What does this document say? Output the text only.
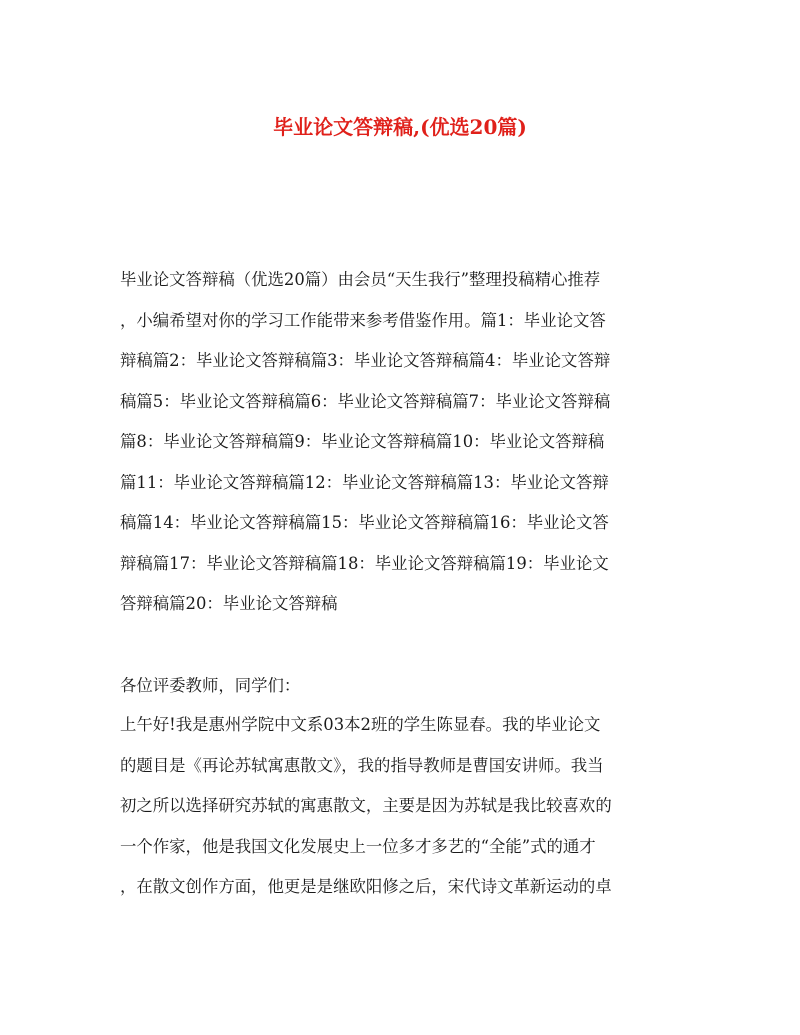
毕业论文答辩稿,(优选20篇)
毕业论文答辩稿（优选20篇）由会员“天生我行”整理投稿精心推荐
，小编希望对你的学习工作能带来参考借鉴作用。篇1：毕业论文答
辩稿篇2：毕业论文答辩稿篇3：毕业论文答辩稿篇4：毕业论文答辩
稿篇5：毕业论文答辩稿篇6：毕业论文答辩稿篇7：毕业论文答辩稿
篇8：毕业论文答辩稿篇9：毕业论文答辩稿篇10：毕业论文答辩稿
篇11：毕业论文答辩稿篇12：毕业论文答辩稿篇13：毕业论文答辩
稿篇14：毕业论文答辩稿篇15：毕业论文答辩稿篇16：毕业论文答
辩稿篇17：毕业论文答辩稿篇18：毕业论文答辩稿篇19：毕业论文
答辩稿篇20：毕业论文答辩稿
各位评委教师，同学们：
上午好!我是惠州学院中文系03本2班的学生陈显春。我的毕业论文
的题目是《再论苏轼寓惠散文》，我的指导教师是曹国安讲师。我当
初之所以选择研究苏轼的寓惠散文，主要是因为苏轼是我比较喜欢的
一个作家，他是我国文化发展史上一位多才多艺的“全能”式的通才
，在散文创作方面，他更是是继欧阳修之后，宋代诗文革新运动的卓
